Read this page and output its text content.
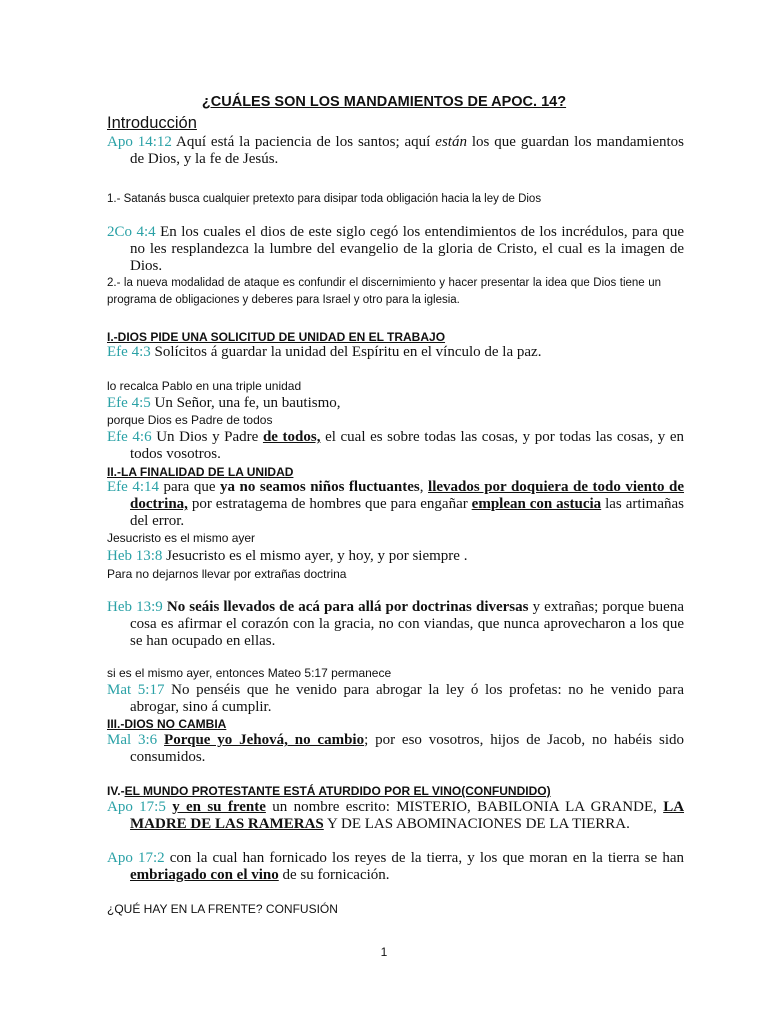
¿CUÁLES SON LOS MANDAMIENTOS DE APOC. 14?
Introducción
Apo 14:12 Aquí está la paciencia de los santos; aquí están los que guardan los mandamientos de Dios, y la fe de Jesús.
1.- Satanás busca cualquier pretexto para disipar toda obligación hacia la ley de Dios
2Co 4:4 En los cuales el dios de este siglo cegó los entendimientos de los incrédulos, para que no les resplandezca la lumbre del evangelio de la gloria de Cristo, el cual es la imagen de Dios.
2.- la nueva modalidad de ataque es confundir el discernimiento y hacer presentar la idea que Dios tiene un programa de obligaciones y deberes para Israel y otro para la iglesia.
I.-DIOS PIDE UNA SOLICITUD DE UNIDAD EN EL TRABAJO
Efe 4:3 Solícitos á guardar la unidad del Espíritu en el vínculo de la paz.
lo recalca Pablo en una triple unidad
Efe 4:5 Un Señor, una fe, un bautismo,
porque Dios es Padre de todos
Efe 4:6 Un Dios y Padre de todos, el cual es sobre todas las cosas, y por todas las cosas, y en todos vosotros.
II.-LA FINALIDAD DE LA UNIDAD
Efe 4:14 para que ya no seamos niños fluctuantes, llevados por doquiera de todo viento de doctrina, por estratagema de hombres que para engañar emplean con astucia las artimañas del error.
Jesucristo es el mismo ayer
Heb 13:8 Jesucristo es el mismo ayer, y hoy, y por siempre .
Para no dejarnos llevar por extrañas doctrina
Heb 13:9 No seáis llevados de acá para allá por doctrinas diversas y extrañas; porque buena cosa es afirmar el corazón con la gracia, no con viandas, que nunca aprovecharon a los que se han ocupado en ellas.
si es el mismo ayer, entonces Mateo 5:17 permanece
Mat 5:17 No penséis que he venido para abrogar la ley ó los profetas: no he venido para abrogar, sino á cumplir.
III.-DIOS NO CAMBIA
Mal 3:6 Porque yo Jehová, no cambio; por eso vosotros, hijos de Jacob, no habéis sido consumidos.
IV.-EL MUNDO PROTESTANTE ESTÁ ATURDIDO POR EL VINO(CONFUNDIDO)
Apo 17:5 y en su frente un nombre escrito: MISTERIO, BABILONIA LA GRANDE, LA MADRE DE LAS RAMERAS Y DE LAS ABOMINACIONES DE LA TIERRA.
Apo 17:2 con la cual han fornicado los reyes de la tierra, y los que moran en la tierra se han embriagado con el vino de su fornicación.
¿QUÉ HAY EN LA FRENTE? CONFUSIÓN
1
